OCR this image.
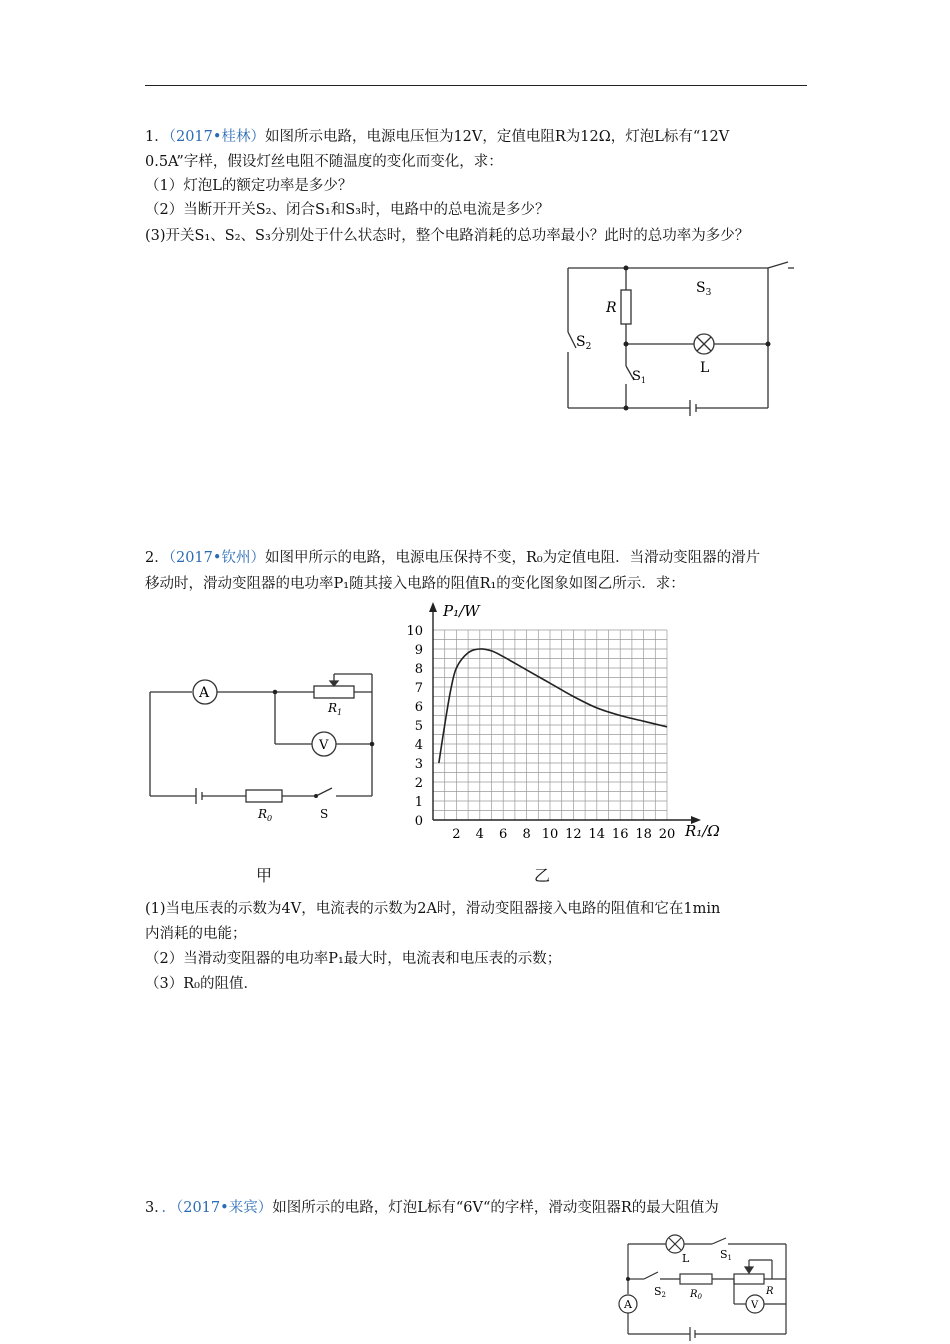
1．（2017•桂林）如图所示电路，电源电压恒为12V，定值电阻R为12Ω，灯泡L标有“12V
0.5A”字样，假设灯丝电阻不随温度的变化而变化，求：
（1）灯泡L的额定功率是多少？
（2）当断开开关S₂、闭合S₁和S₃时，电路中的总电流是多少？
(3)开关S₁、S₂、S₃分别处于什么状态时，整个电路消耗的总功率最小？此时的总功率为多少？
$S_3$
R
$S_2$
L
$S_1$
2．（2017•钦州）如图甲所示的电路，电源电压保持不变，R₀为定值电阻．当滑动变阻器的滑片
移动时，滑动变阻器的电功率P₁随其接入电路的阻值R₁的变化图象如图乙所示．求：
A
V
$R_1$
$R_0$	S	0
1
2
3
4
5
6
7
8
9
10
2 4 6 8 10 12 14 16 18 20
P₁/W
R₁/Ω
甲	乙
(1)当电压表的示数为4V，电流表的示数为2A时，滑动变阻器接入电路的阻值和它在1min
内消耗的电能；
（2）当滑动变阻器的电功率P₁最大时，电流表和电压表的示数；
（3）R₀的阻值．
3．．（2017•来宾）如图所示的电路，灯泡L标有“6V“的字样，滑动变阻器R的最大阻值为
L	S1
S2 $R_0$	R
A	V
